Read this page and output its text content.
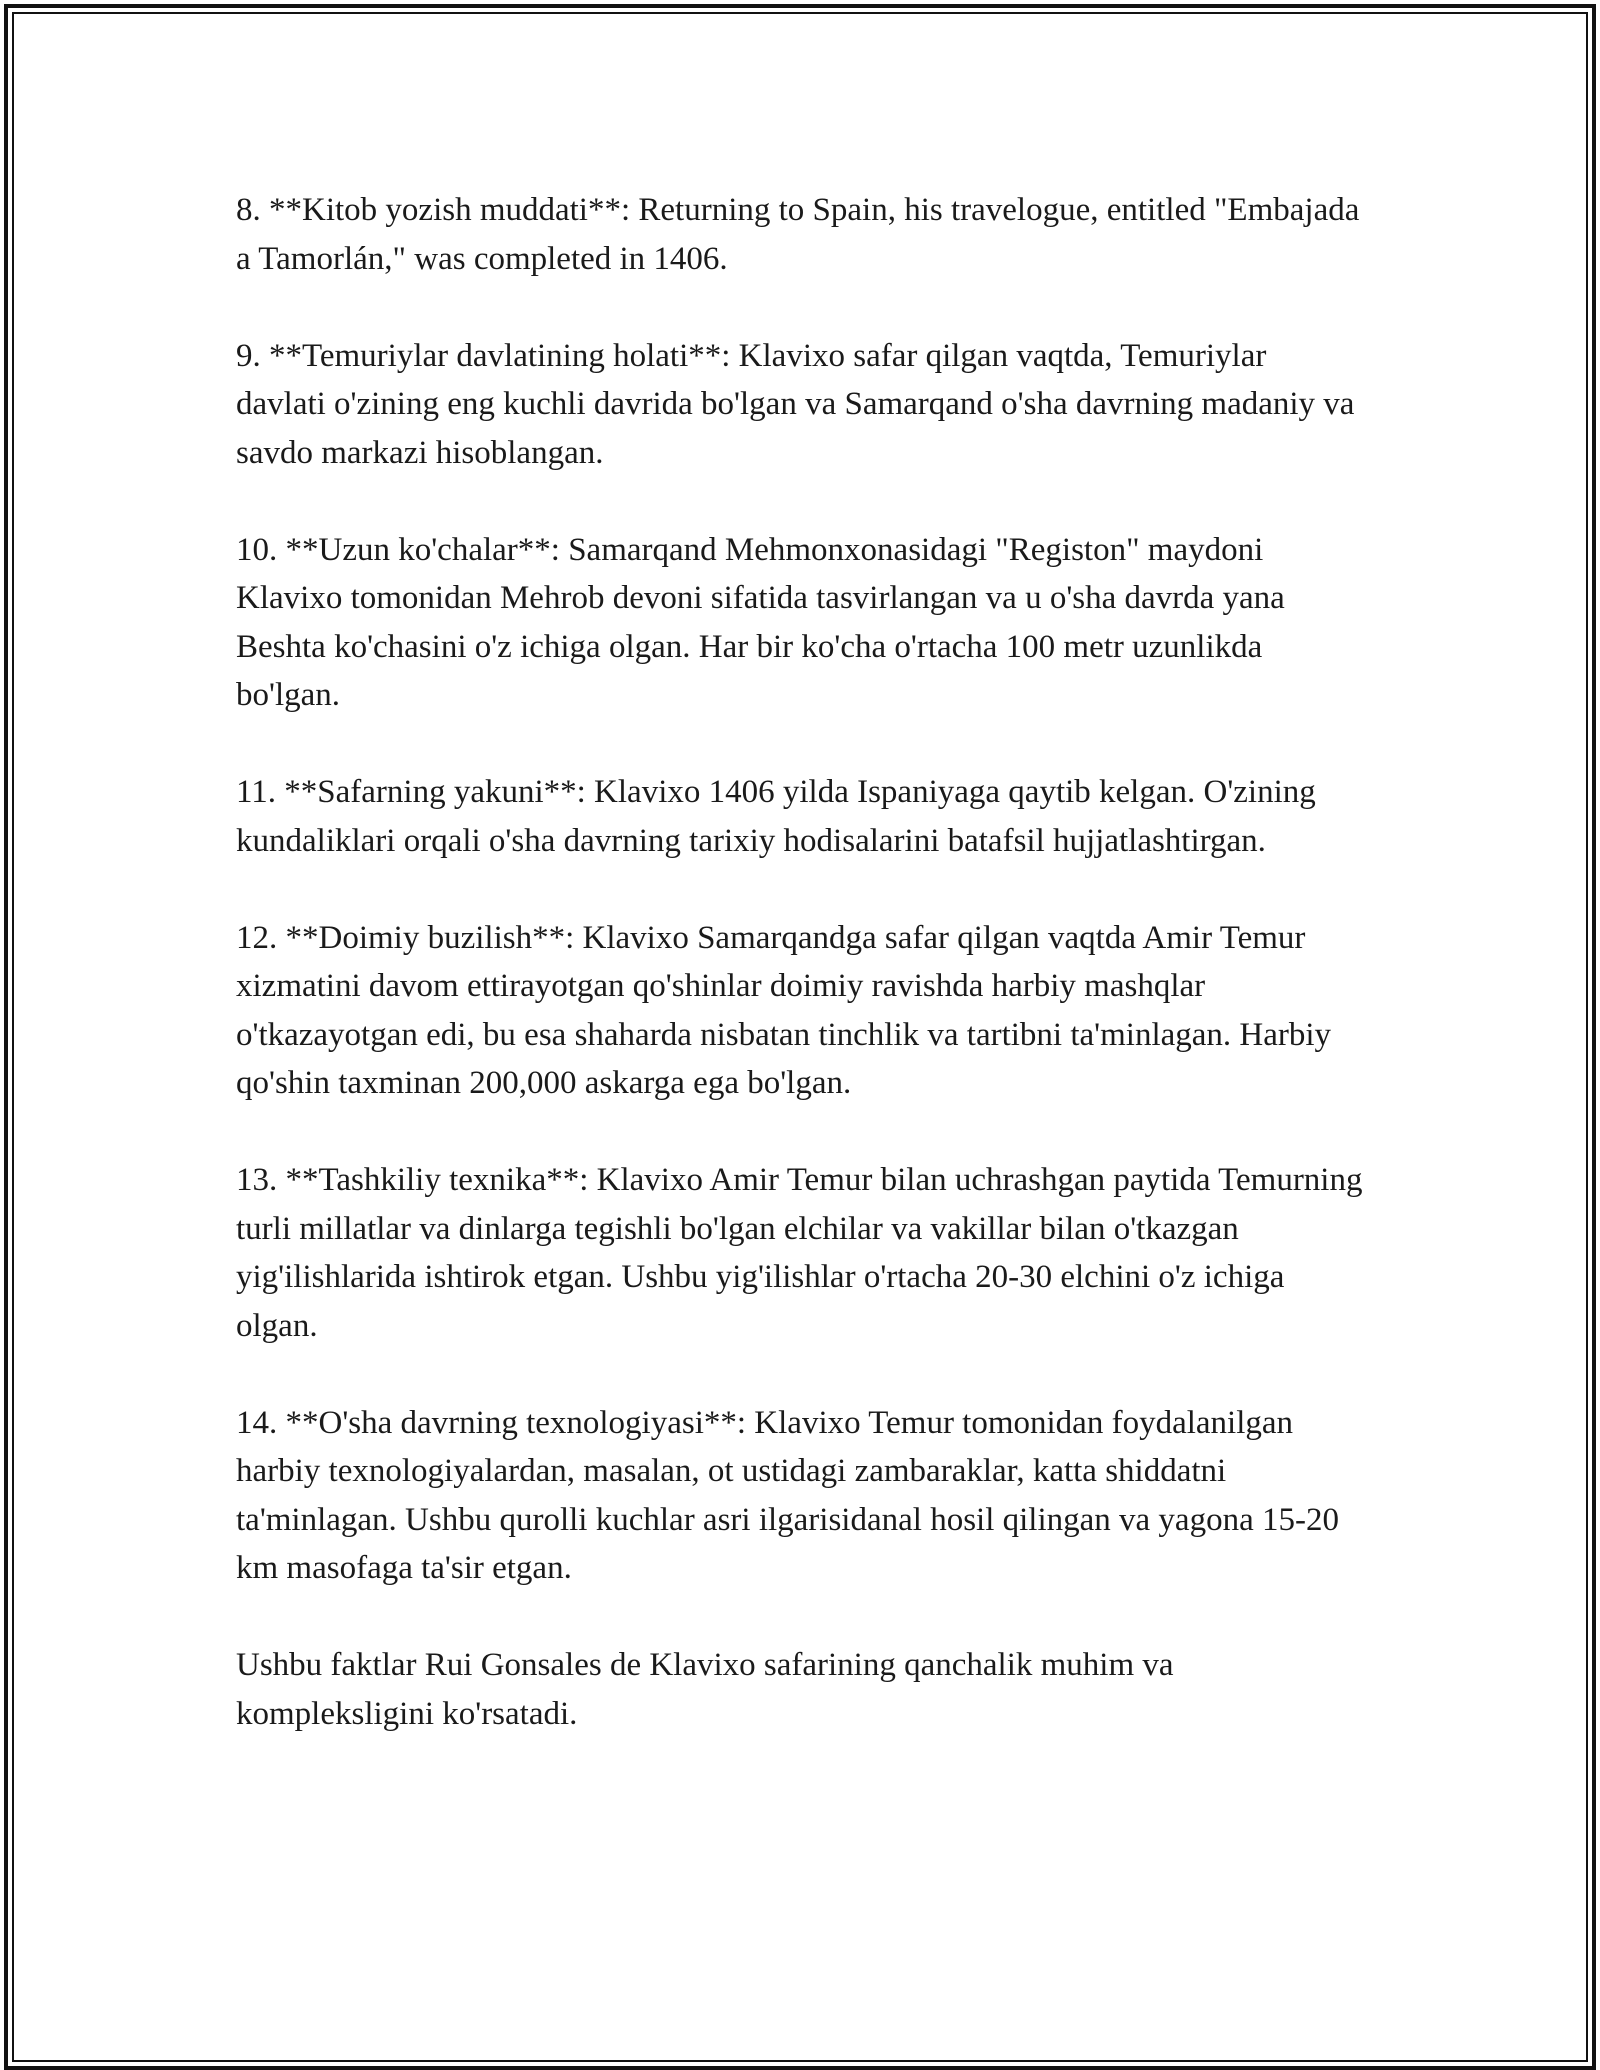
8. **Kitob yozish muddati**: Returning to Spain, his travelogue, entitled "Embajada a Tamorlán," was completed in 1406.

9. **Temuriylar davlatining holati**: Klavixo safar qilgan vaqtda, Temuriylar davlati o'zining eng kuchli davrida bo'lgan va Samarqand o'sha davrning madaniy va savdo markazi hisoblangan.

10. **Uzun ko'chalar**: Samarqand Mehmonxonasidagi "Registon" maydoni Klavixo tomonidan Mehrob devoni sifatida tasvirlangan va u o'sha davrda yana Beshta ko'chasini o'z ichiga olgan. Har bir ko'cha o'rtacha 100 metr uzunlikda bo'lgan.

11. **Safarning yakuni**: Klavixo 1406 yilda Ispaniyaga qaytib kelgan. O'zining kundaliklari orqali o'sha davrning tarixiy hodisalarini batafsil hujjatlashtirgan.

12. **Doimiy buzilish**: Klavixo Samarqandga safar qilgan vaqtda Amir Temur xizmatini davom ettirayotgan qo'shinlar doimiy ravishda harbiy mashqlar o'tkazayotgan edi, bu esa shaharda nisbatan tinchlik va tartibni ta'minlagan. Harbiy qo'shin taxminan 200,000 askarga ega bo'lgan.

13. **Tashkiliy texnika**: Klavixo Amir Temur bilan uchrashgan paytida Temurning turli millatlar va dinlarga tegishli bo'lgan elchilar va vakillar bilan o'tkazgan yig'ilishlarida ishtirok etgan. Ushbu yig'ilishlar o'rtacha 20-30 elchini o'z ichiga olgan.

14. **O'sha davrning texnologiyasi**: Klavixo Temur tomonidan foydalanilgan harbiy texnologiyalardan, masalan, ot ustidagi zambaraklar, katta shiddatni ta'minlagan. Ushbu qurolli kuchlar asri ilgarisidanal hosil qilingan va yagona 15-20 km masofaga ta'sir etgan.

Ushbu faktlar Rui Gonsales de Klavixo safarining qanchalik muhim va kompleksligini ko'rsatadi.
